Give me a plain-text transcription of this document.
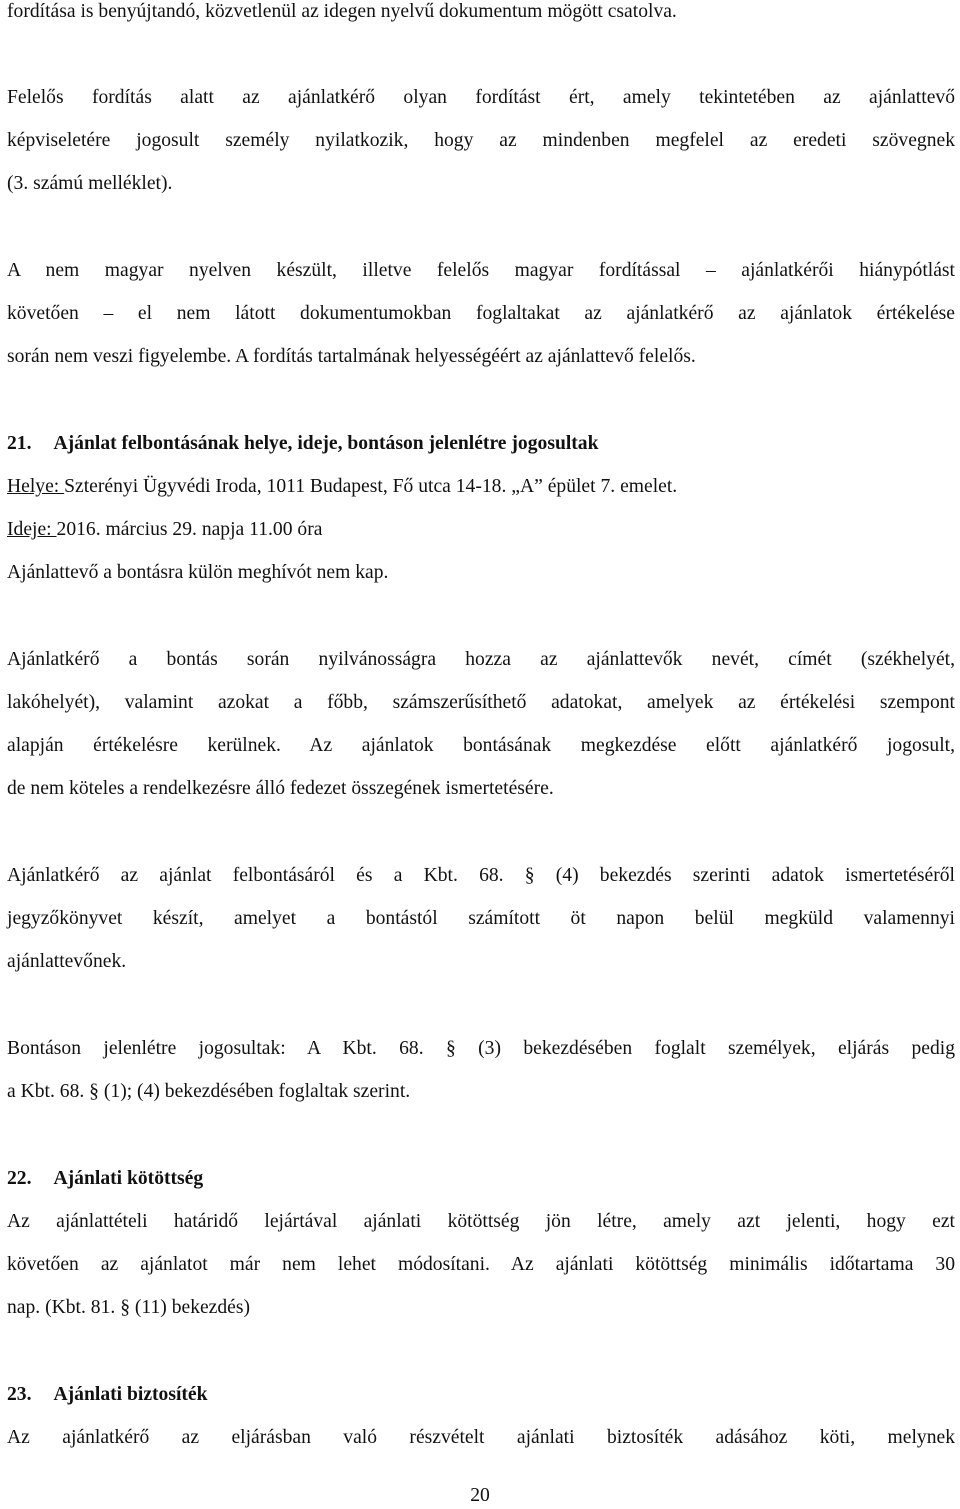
fordítása is benyújtandó, közvetlenül az idegen nyelvű dokumentum mögött csatolva.
Felelős fordítás alatt az ajánlatkérő olyan fordítást ért, amely tekintetében az ajánlattevő
képviseletére jogosult személy nyilatkozik, hogy az mindenben megfelel az eredeti szövegnek
(3. számú melléklet).
A nem magyar nyelven készült, illetve felelős magyar fordítással – ajánlatkérői hiánypótlást
követően – el nem látott dokumentumokban foglaltakat az ajánlatkérő az ajánlatok értékelése
során nem veszi figyelembe. A fordítás tartalmának helyességéért az ajánlattevő felelős.
21. Ajánlat felbontásának helye, ideje, bontáson jelenlétre jogosultak
Helye: Szterényi Ügyvédi Iroda, 1011 Budapest, Fő utca 14-18. „A” épület 7. emelet.
Ideje: 2016. március 29. napja 11.00 óra
Ajánlattevő a bontásra külön meghívót nem kap.
Ajánlatkérő a bontás során nyilvánosságra hozza az ajánlattevők nevét, címét (székhelyét,
lakóhelyét), valamint azokat a főbb, számszerűsíthető adatokat, amelyek az értékelési szempont
alapján értékelésre kerülnek. Az ajánlatok bontásának megkezdése előtt ajánlatkérő jogosult,
de nem köteles a rendelkezésre álló fedezet összegének ismertetésére.
Ajánlatkérő az ajánlat felbontásáról és a Kbt. 68. § (4) bekezdés szerinti adatok ismertetéséről
jegyzőkönyvet készít, amelyet a bontástól számított öt napon belül megküld valamennyi
ajánlattevőnek.
Bontáson jelenlétre jogosultak: A Kbt. 68. § (3) bekezdésében foglalt személyek, eljárás pedig
a Kbt. 68. § (1); (4) bekezdésében foglaltak szerint.
22. Ajánlati kötöttség
Az ajánlattételi határidő lejártával ajánlati kötöttség jön létre, amely azt jelenti, hogy ezt
követően az ajánlatot már nem lehet módosítani. Az ajánlati kötöttség minimális időtartama 30
nap. (Kbt. 81. § (11) bekezdés)
23. Ajánlati biztosíték
Az ajánlatkérő az eljárásban való részvételt ajánlati biztosíték adásához köti, melynek
20
